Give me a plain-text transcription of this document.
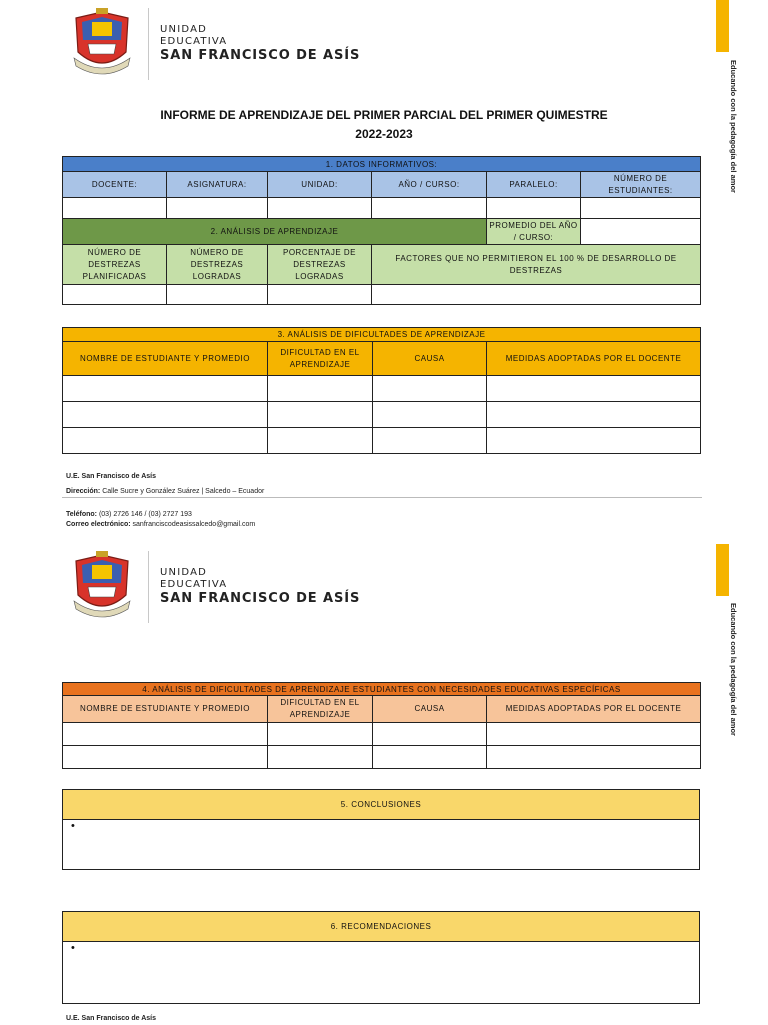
UNIDAD
EDUCATIVA
SAN FRANCISCO DE ASÍS
Educando con la pedagogía del amor
INFORME DE APRENDIZAJE DEL PRIMER PARCIAL DEL PRIMER QUIMESTRE
2022-2023
1. DATOS INFORMATIVOS:					
DOCENTE:	ASIGNATURA:	UNIDAD:	AÑO / CURSO:	PARALELO:	NÚMERO DE ESTUDIANTES:

2. ANÁLISIS DE APRENDIZAJE				PROMEDIO DEL AÑO / CURSO:	
NÚMERO DE DESTREZAS PLANIFICADAS	NÚMERO DE DESTREZAS LOGRADAS	PORCENTAJE DE DESTREZAS LOGRADAS	FACTORES QUE NO PERMITIERON EL 100 % DE DESARROLLO DE DESTREZAS		

3. ANÁLISIS DE DIFICULTADES DE APRENDIZAJE			
NOMBRE DE ESTUDIANTE Y PROMEDIO	DIFICULTAD EN EL APRENDIZAJE	CAUSA	MEDIDAS ADOPTADAS POR EL DOCENTE

U.E. San Francisco de Asís
Dirección: Calle Sucre y González Suárez | Salcedo – Ecuador
Teléfono: (03) 2726 146 / (03) 2727 193
Correo electrónico: sanfranciscodeasissalcedo@gmail.com
UNIDAD
EDUCATIVA
SAN FRANCISCO DE ASÍS
Educando con la pedagogía del amor
4. ANÁLISIS DE DIFICULTADES DE APRENDIZAJE ESTUDIANTES CON NECESIDADES EDUCATIVAS ESPECÍFICAS			
NOMBRE DE ESTUDIANTE Y PROMEDIO	DIFICULTAD EN EL APRENDIZAJE	CAUSA	MEDIDAS ADOPTADAS POR EL DOCENTE

5. CONCLUSIONES
•
6. RECOMENDACIONES
•
U.E. San Francisco de Asís
